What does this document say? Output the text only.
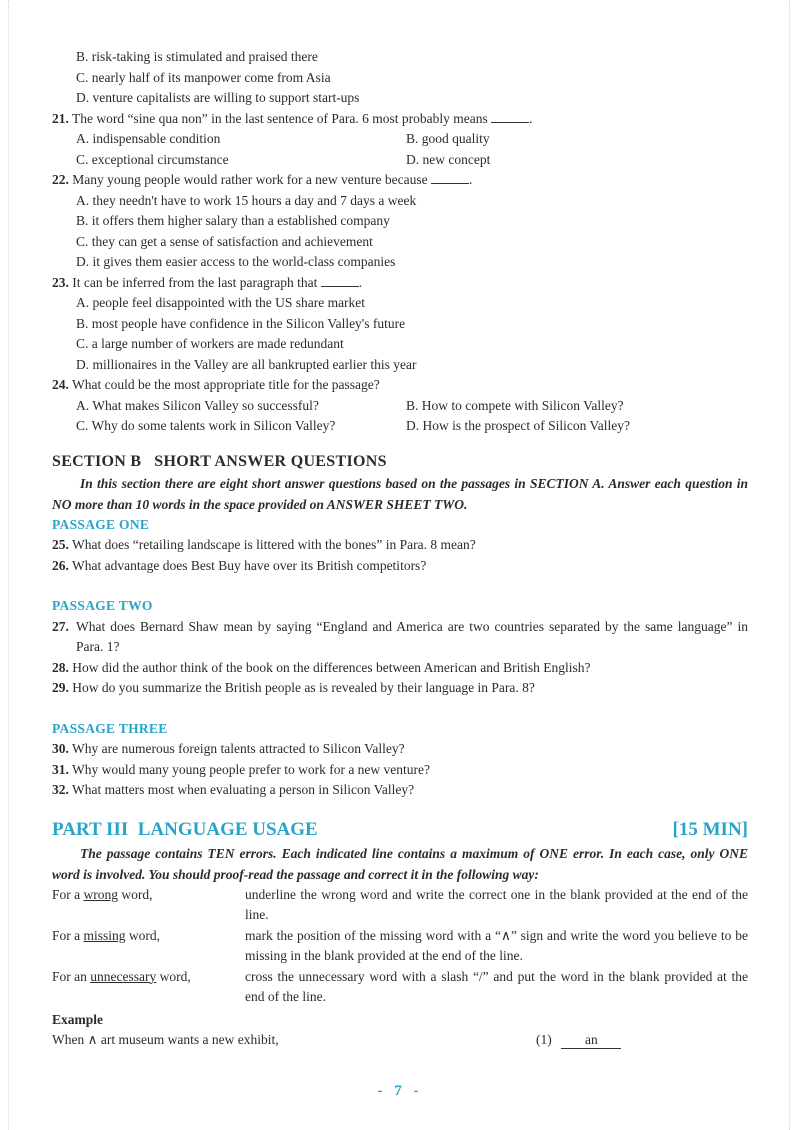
B. risk-taking is stimulated and praised there
C. nearly half of its manpower come from Asia
D. venture capitalists are willing to support start-ups
21. The word “sine qua non” in the last sentence of Para. 6 most probably means	.
A. indispensable condition	B. good quality
C. exceptional circumstance	D. new concept
22. Many young people would rather work for a new venture because	.
A. they needn't have to work 15 hours a day and 7 days a week
B. it offers them higher salary than a established company
C. they can get a sense of satisfaction and achievement
D. it gives them easier access to the world-class companies
23. It can be inferred from the last paragraph that	.
A. people feel disappointed with the US share market
B. most people have confidence in the Silicon Valley's future
C. a large number of workers are made redundant
D. millionaires in the Valley are all bankrupted earlier this year
24. What could be the most appropriate title for the passage?
A. What makes Silicon Valley so successful?	B. How to compete with Silicon Valley?
C. Why do some talents work in Silicon Valley?	D. How is the prospect of Silicon Valley?
SECTION B   SHORT ANSWER QUESTIONS
In this section there are eight short answer questions based on the passages in SECTION A. Answer each question in NO more than 10 words in the space provided on ANSWER SHEET TWO.
PASSAGE ONE
25. What does “retailing landscape is littered with the bones” in Para. 8 mean?
26. What advantage does Best Buy have over its British competitors?
PASSAGE TWO
27. What does Bernard Shaw mean by saying “England and America are two countries separated by the same language” in Para. 1?
28. How did the author think of the book on the differences between American and British English?
29. How do you summarize the British people as is revealed by their language in Para. 8?
PASSAGE THREE
30. Why are numerous foreign talents attracted to Silicon Valley?
31. Why would many young people prefer to work for a new venture?
32. What matters most when evaluating a person in Silicon Valley?
PART III  LANGUAGE USAGE	[15 MIN]
The passage contains TEN errors. Each indicated line contains a maximum of ONE error. In each case, only ONE word is involved. You should proof-read the passage and correct it in the following way:
For a wrong word,	underline the wrong word and write the correct one in the blank provided at the end of the line.
For a missing word,	mark the position of the missing word with a “∧” sign and write the word you believe to be missing in the blank provided at the end of the line.
For an unnecessary word,	cross the unnecessary word with a slash “/” and put the word in the blank provided at the end of the line.
Example
When ∧ art museum wants a new exhibit,	(1) an
- 7 -
